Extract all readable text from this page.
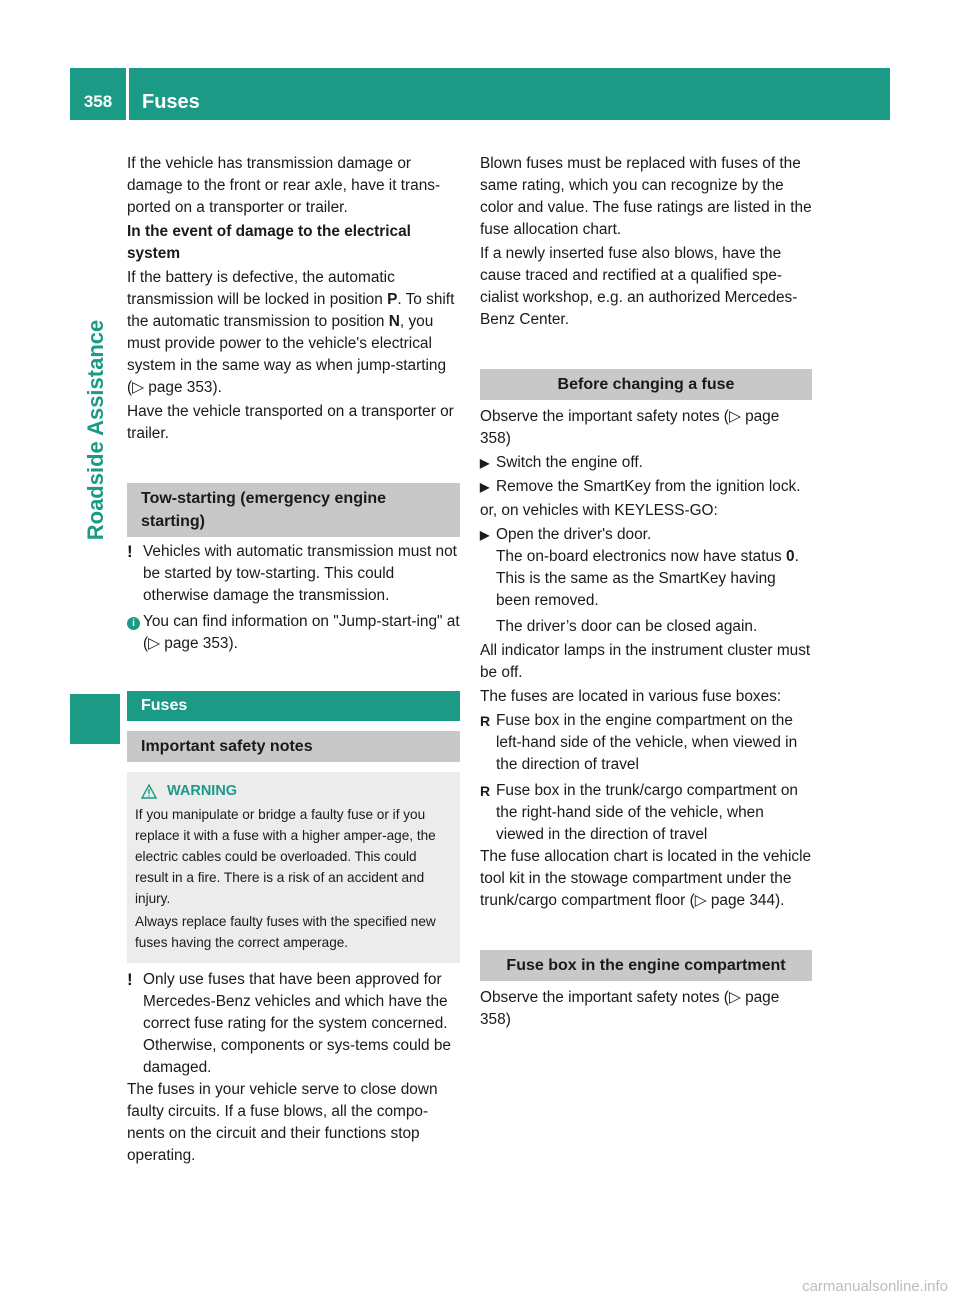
358	Fuses
Roadside Assistance
If the vehicle has transmission damage or damage to the front or rear axle, have it trans-ported on a transporter or trailer.
In the event of damage to the electrical system
If the battery is defective, the automatic transmission will be locked in position P. To shift the automatic transmission to position N, you must provide power to the vehicle's electrical system in the same way as when jump-starting (▷ page 353).
Have the vehicle transported on a transporter or trailer.
Tow-starting (emergency engine starting)
! Vehicles with automatic transmission must not be started by tow-starting. This could otherwise damage the transmission.
i You can find information on "Jump-start-ing" at (▷ page 353).
Fuses
Important safety notes
WARNING
If you manipulate or bridge a faulty fuse or if you replace it with a fuse with a higher amper-age, the electric cables could be overloaded. This could result in a fire. There is a risk of an accident and injury.
Always replace faulty fuses with the specified new fuses having the correct amperage.
! Only use fuses that have been approved for Mercedes-Benz vehicles and which have the correct fuse rating for the system concerned. Otherwise, components or sys-tems could be damaged.
The fuses in your vehicle serve to close down faulty circuits. If a fuse blows, all the compo-nents on the circuit and their functions stop operating.
Blown fuses must be replaced with fuses of the same rating, which you can recognize by the color and value. The fuse ratings are listed in the fuse allocation chart.
If a newly inserted fuse also blows, have the cause traced and rectified at a qualified spe-cialist workshop, e.g. an authorized Mercedes-Benz Center.
Before changing a fuse
Observe the important safety notes (▷ page 358)
▶ Switch the engine off.
▶ Remove the SmartKey from the ignition lock.
or, on vehicles with KEYLESS-GO:
▶ Open the driver's door.
The on-board electronics now have status 0. This is the same as the SmartKey having been removed.
The driver’s door can be closed again.
All indicator lamps in the instrument cluster must be off.
The fuses are located in various fuse boxes:
R Fuse box in the engine compartment on the left-hand side of the vehicle, when viewed in the direction of travel
R Fuse box in the trunk/cargo compartment on the right-hand side of the vehicle, when viewed in the direction of travel
The fuse allocation chart is located in the vehicle tool kit in the stowage compartment under the trunk/cargo compartment floor (▷ page 344).
Fuse box in the engine compartment
Observe the important safety notes (▷ page 358)
carmanualsonline.info
